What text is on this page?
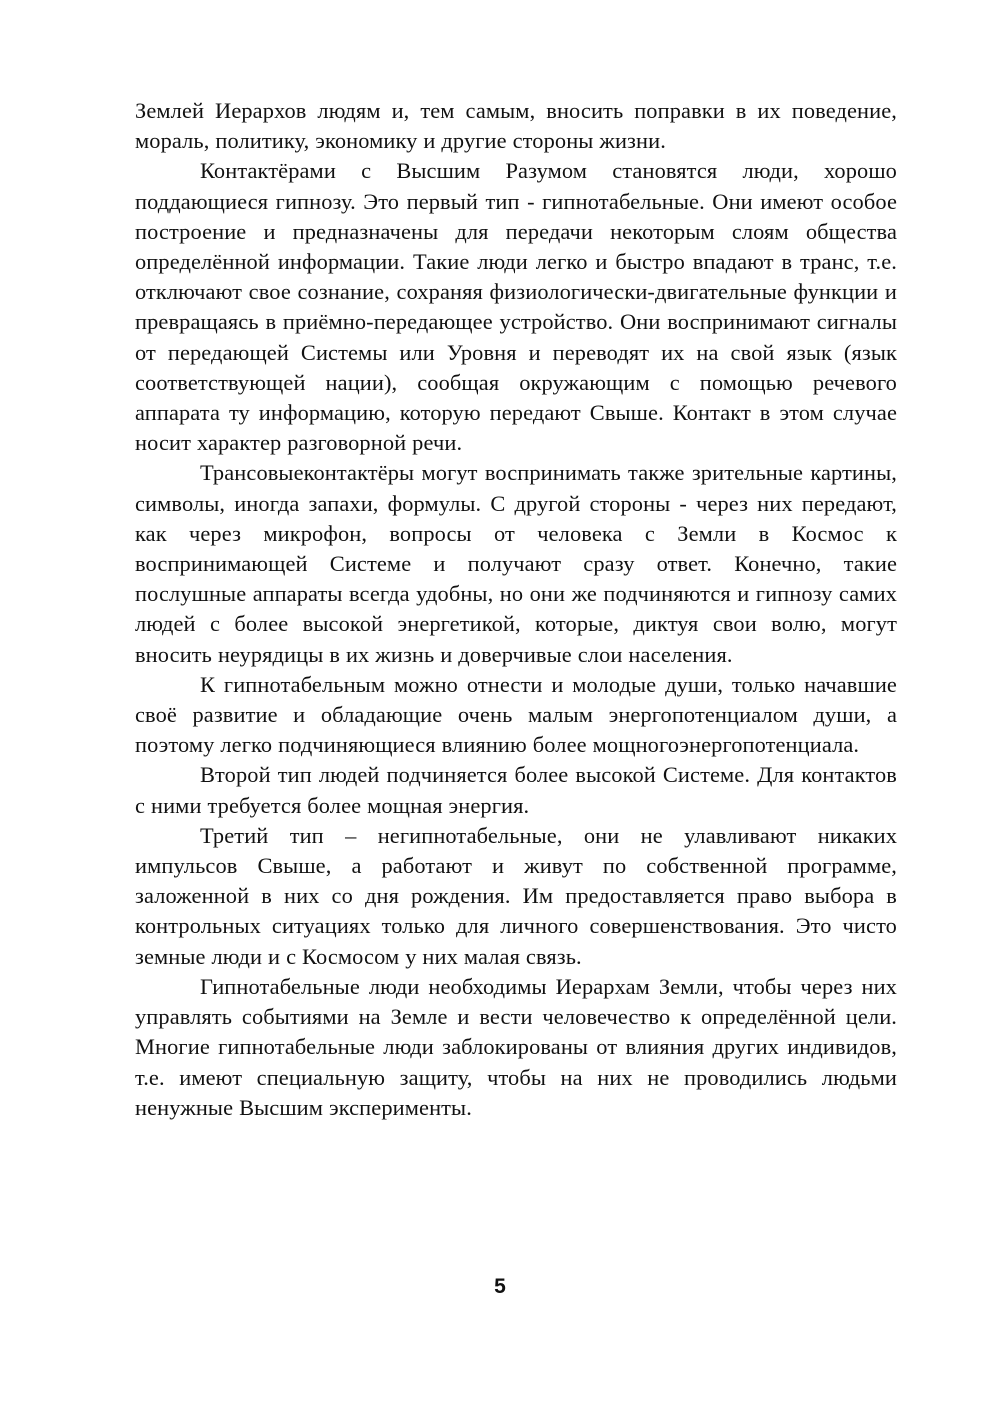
Землей Иерархов людям и, тем самым, вносить поправки в их поведение, мораль, политику, экономику и другие стороны жизни.

Контактёрами с Высшим Разумом становятся люди, хорошо поддающиеся гипнозу. Это первый тип - гипнотабельные. Они имеют особое построение и предназначены для передачи некоторым слоям общества определённой информации. Такие люди легко и быстро впадают в транс, т.е. отключают свое сознание, сохраняя физиологически-двигательные функции и превращаясь в приёмно-передающее устройство. Они воспринимают сигналы от передающей Системы или Уровня и переводят их на свой язык (язык соответствующей нации), сообщая окружающим с помощью речевого аппарата ту информацию, которую передают Свыше. Контакт в этом случае носит характер разговорной речи.

Трансовыеконтактёры могут воспринимать также зрительные картины, символы, иногда запахи, формулы. С другой стороны - через них передают, как через микрофон, вопросы от человека с Земли в Космос к воспринимающей Системе и получают сразу ответ. Конечно, такие послушные аппараты всегда удобны, но они же подчиняются и гипнозу самих людей с более высокой энергетикой, которые, диктуя свои волю, могут вносить неурядицы в их жизнь и доверчивые слои населения.

К гипнотабельным можно отнести и молодые души, только начавшие своё развитие и обладающие очень малым энергопотенциалом души, а поэтому легко подчиняющиеся влиянию более мощногоэнергопотенциала.

Второй тип людей подчиняется более высокой Системе. Для контактов с ними требуется более мощная энергия.

Третий тип – негипнотабельные, они не улавливают никаких импульсов Свыше, а работают и живут по собственной программе, заложенной в них со дня рождения. Им предоставляется право выбора в контрольных ситуациях только для личного совершенствования. Это чисто земные люди и с Космосом у них малая связь.

Гипнотабельные люди необходимы Иерархам Земли, чтобы через них управлять событиями на Земле и вести человечество к определённой цели. Многие гипнотабельные люди заблокированы от влияния других индивидов, т.е. имеют специальную защиту, чтобы на них не проводились людьми ненужные Высшим эксперименты.

5
